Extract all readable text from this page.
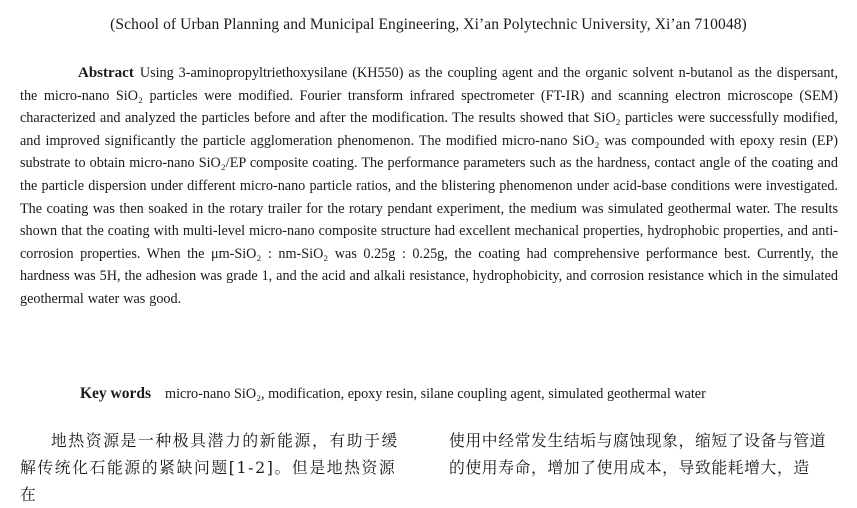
(School of Urban Planning and Municipal Engineering, Xi’an Polytechnic University, Xi’an 710048)
Abstract Using 3-aminopropyltriethoxysilane (KH550) as the coupling agent and the organic solvent n-butanol as the dispersant, the micro-nano SiO₂ particles were modified. Fourier transform infrared spectrometer (FT-IR) and scanning electron microscope (SEM) characterized and analyzed the particles before and after the modification. The results showed that SiO₂ particles were successfully modified, and improved significantly the particle agglomeration phenomenon. The modified micro-nano SiO₂ was compounded with epoxy resin (EP) substrate to obtain micro-nano SiO₂/EP composite coating. The performance parameters such as the hardness, contact angle of the coating and the particle dispersion under different micro-nano particle ratios, and the blistering phenomenon under acid-base conditions were investigated. The coating was then soaked in the rotary trailer for the rotary pendant experiment, the medium was simulated geothermal water. The results shown that the coating with multi-level micro-nano composite structure had excellent mechanical properties, hydrophobic properties, and anti-corrosion properties. When the μm-SiO₂ : nm-SiO₂ was 0.25g : 0.25g, the coating had comprehensive performance best. Currently, the hardness was 5H, the adhesion was grade 1, and the acid and alkali resistance, hydrophobicity, and corrosion resistance which in the simulated geothermal water was good.
Key words micro-nano SiO₂, modification, epoxy resin, silane coupling agent, simulated geothermal water
地热资源是一种极具潜力的新能源，有助于缓解传统化石能源的紧缺问题[1-2]。但是地热资源在
使用中经常发生结垢与腐蚀现象，缩短了设备与管道的使用寿命，增加了使用成本，导致能耗增大，造
